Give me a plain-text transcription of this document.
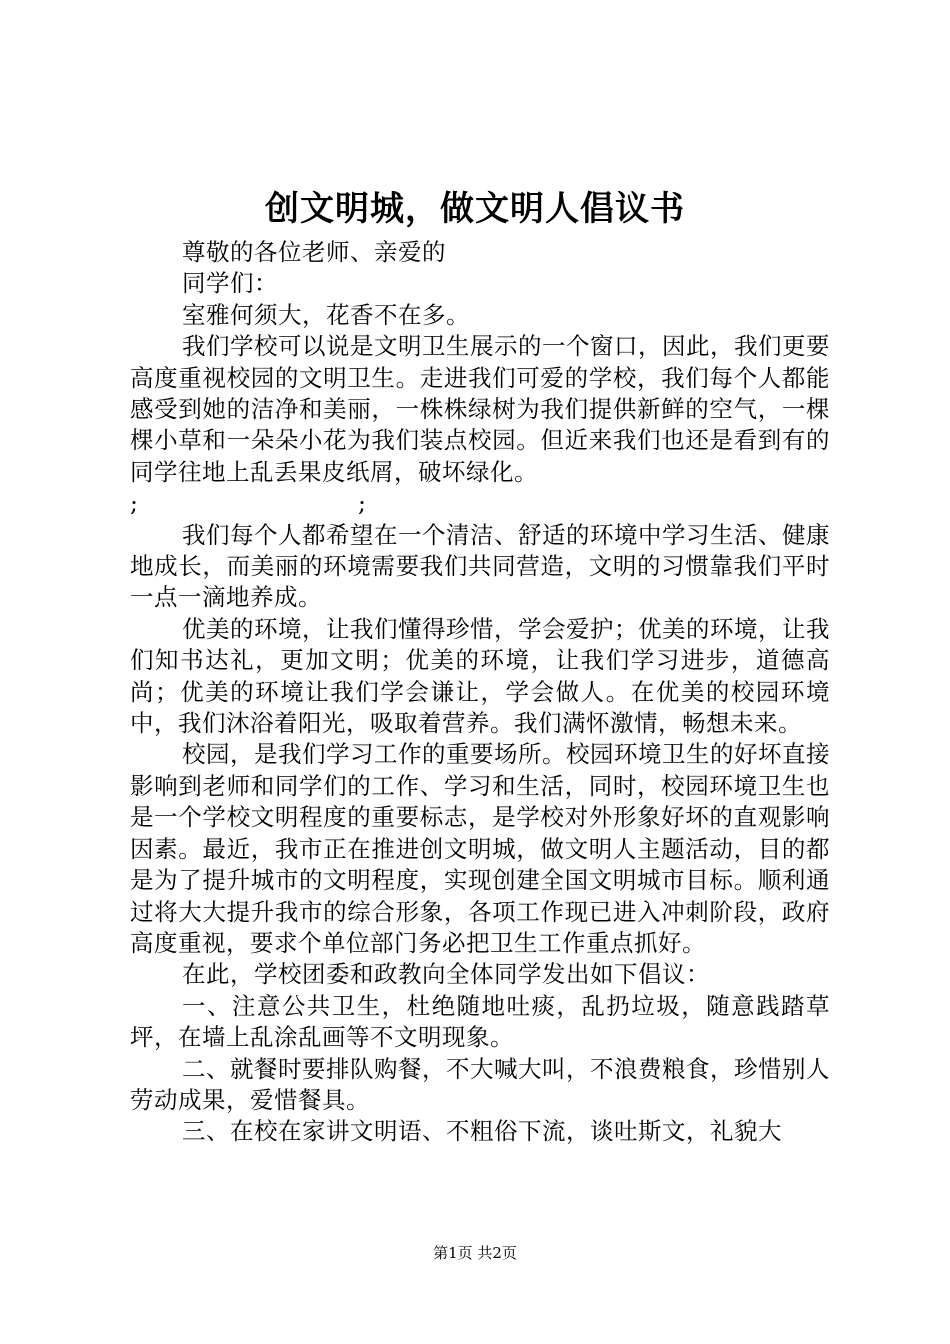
创文明城，做文明人倡议书

尊敬的各位老师、亲爱的

同学们：

室雅何须大，花香不在多。

我们学校可以说是文明卫生展示的一个窗口，因此，我们更要高度重视校园的文明卫生。走进我们可爱的学校，我们每个人都能感受到她的洁净和美丽，一株株绿树为我们提供新鲜的空气，一棵棵小草和一朵朵小花为我们装点校园。但近来我们也还是看到有的同学往地上乱丢果皮纸屑，破坏绿化。

;	;

我们每个人都希望在一个清洁、舒适的环境中学习生活、健康地成长，而美丽的环境需要我们共同营造，文明的习惯靠我们平时一点一滴地养成。

优美的环境，让我们懂得珍惜，学会爱护；优美的环境，让我们知书达礼，更加文明；优美的环境，让我们学习进步，道德高尚；优美的环境让我们学会谦让，学会做人。在优美的校园环境中，我们沐浴着阳光，吸取着营养。我们满怀激情，畅想未来。

校园，是我们学习工作的重要场所。校园环境卫生的好坏直接影响到老师和同学们的工作、学习和生活，同时，校园环境卫生也是一个学校文明程度的重要标志，是学校对外形象好坏的直观影响因素。最近，我市正在推进创文明城，做文明人主题活动，目的都是为了提升城市的文明程度，实现创建全国文明城市目标。顺利通过将大大提升我市的综合形象，各项工作现已进入冲刺阶段，政府高度重视，要求个单位部门务必把卫生工作重点抓好。

在此，学校团委和政教向全体同学发出如下倡议：

一、注意公共卫生，杜绝随地吐痰，乱扔垃圾，随意践踏草坪，在墙上乱涂乱画等不文明现象。

二、就餐时要排队购餐，不大喊大叫，不浪费粮食，珍惜别人劳动成果，爱惜餐具。

三、在校在家讲文明语、不粗俗下流，谈吐斯文，礼貌大

第1页 共2页
